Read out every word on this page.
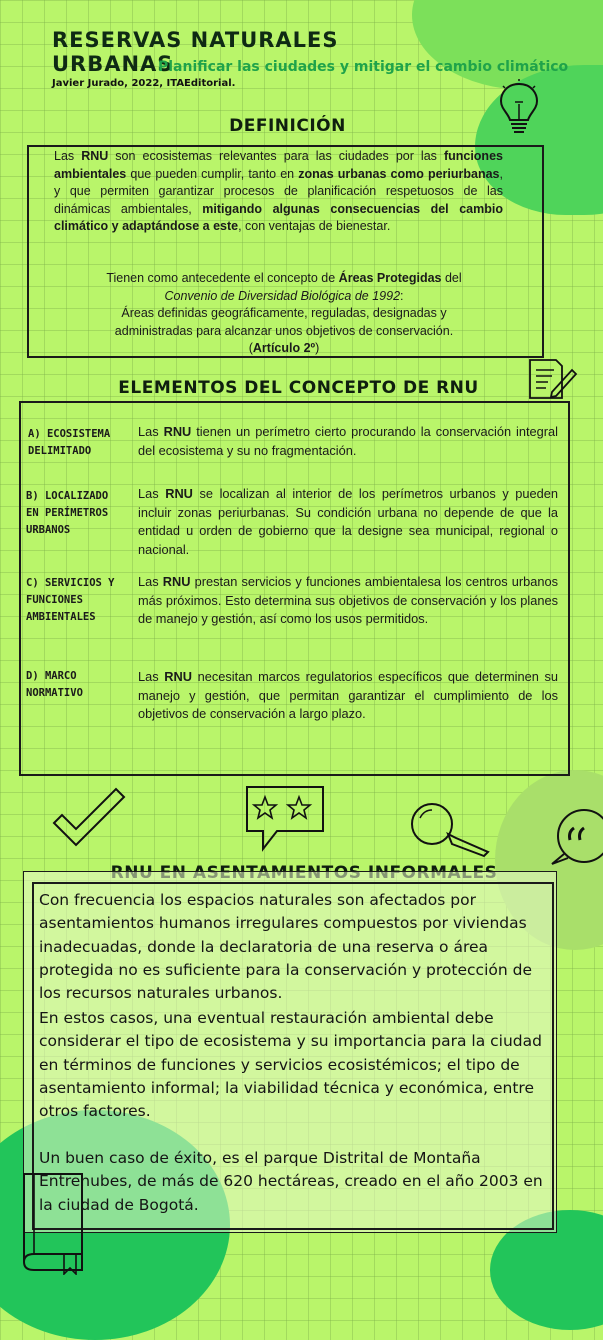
RESERVAS NATURALES
URBANAS
Planificar las ciudades y mitigar el cambio climático
Javier Jurado, 2022, ITAEditorial.
DEFINICIÓN
Las RNU son ecosistemas relevantes para las ciudades por las funciones ambientales que pueden cumplir, tanto en zonas urbanas como periurbanas, y que permiten garantizar procesos de planificación respetuosos de las dinámicas ambientales, mitigando algunas consecuencias del cambio climático y adaptándose a este, con ventajas de bienestar.
Tienen como antecedente el concepto de Áreas Protegidas del
Convenio de Diversidad Biológica de 1992:
Áreas definidas geográficamente, reguladas, designadas y
administradas para alcanzar unos objetivos de conservación.
(Artículo 2º)
ELEMENTOS DEL CONCEPTO DE RNU
A) ECOSISTEMA DELIMITADO
Las RNU tienen un perímetro cierto procurando la conservación integral del ecosistema y su no fragmentación.
B) LOCALIZADO EN PERÍMETROS URBANOS
Las RNU se localizan al interior de los perímetros urbanos y pueden incluir zonas periurbanas. Su condición urbana no depende de que la entidad u orden de gobierno que la designe sea municipal, regional o nacional.
C) SERVICIOS Y FUNCIONES AMBIENTALES
Las RNU prestan servicios y funciones ambientalesa los centros urbanos más próximos. Esto determina sus objetivos de conservación y los planes de manejo y gestión, así como los usos permitidos.
D) MARCO NORMATIVO
Las RNU necesitan marcos regulatorios específicos que determinen su manejo y gestión, que permitan garantizar el cumplimiento de los objetivos de conservación a largo plazo.
Con frecuencia los espacios naturales son afectados por asentamientos humanos irregulares compuestos por viviendas inadecuadas, donde la declaratoria de una reserva o área protegida no es suficiente para la conservación y protección de los recursos naturales urbanos.
En estos casos, una eventual restauración ambiental debe considerar el tipo de ecosistema y su importancia para la ciudad en términos de funciones y servicios ecosistémicos; el tipo de asentamiento informal; la viabilidad técnica y económica, entre otros factores.
Un buen caso de éxito, es el parque Distrital de Montaña Entrenubes, de más de 620 hectáreas, creado en el año 2003 en la ciudad de Bogotá.
